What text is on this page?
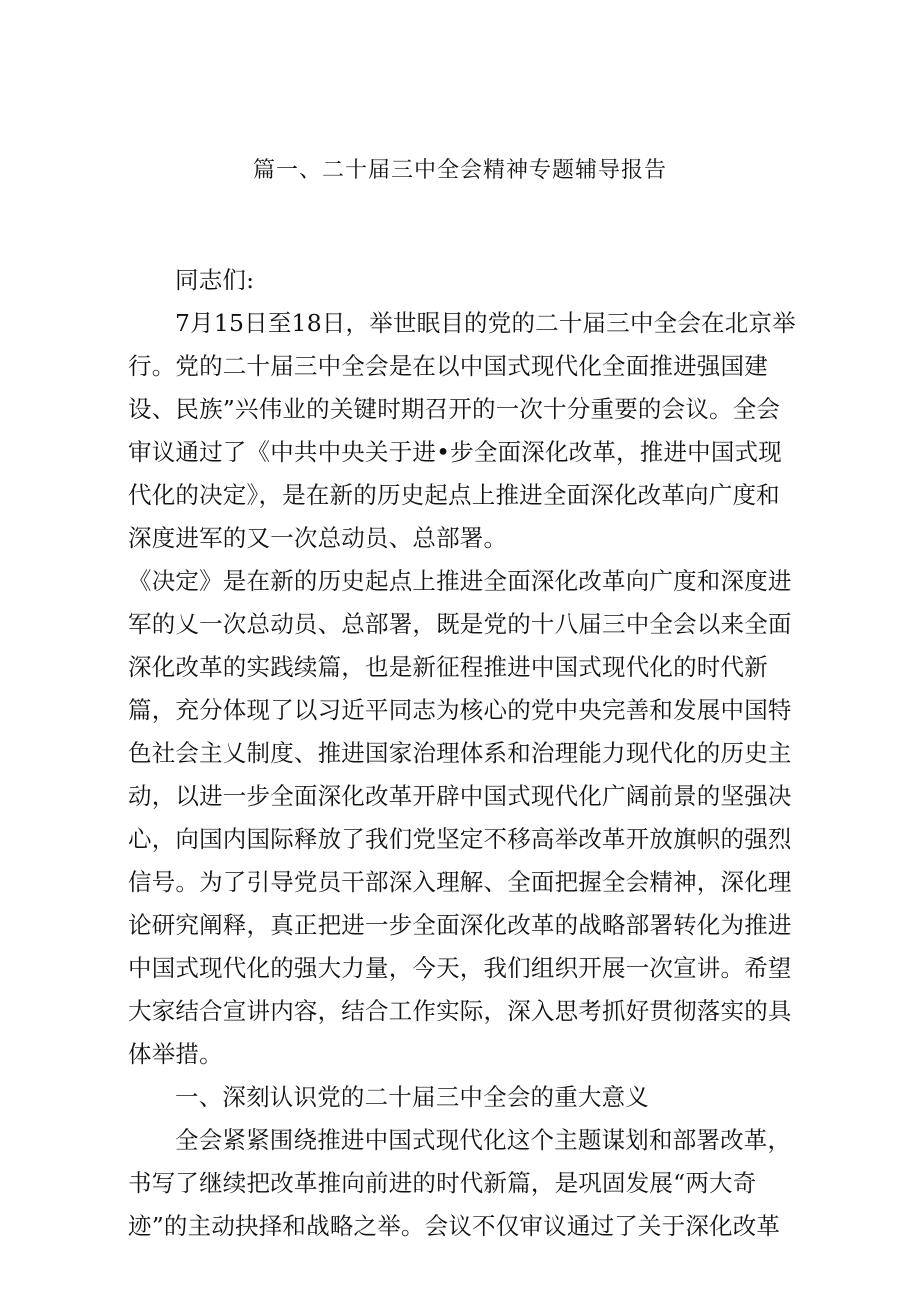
篇一、二十届三中全会精神专题辅导报告

同志们:

7月15日至18日，举世眠目的党的二十届三中全会在北京举行。党的二十届三中全会是在以中国式现代化全面推进强国建设、民族”兴伟业的关键时期召开的一次十分重要的会议。全会审议通过了《中共中央关于进•步全面深化改革，推进中国式现代化的决定》，是在新的历史起点上推进全面深化改革向广度和深度进军的又一次总动员、总部署。

《决定》是在新的历史起点上推进全面深化改革向广度和深度进军的乂一次总动员、总部署，既是党的十八届三中全会以来全面深化改革的实践续篇，也是新征程推进中国式现代化的时代新篇，充分体现了以习近平同志为核心的党中央完善和发展中国特色社会主乂制度、推进国家治理体系和治理能力现代化的历史主动，以进一步全面深化改革开辟中国式现代化广阔前景的坚强决心，向国内国际释放了我们党坚定不移高举改革开放旗帜的强烈信号。为了引导党员干部深入理解、全面把握全会精神，深化理论研究阐释，真正把进一步全面深化改革的战略部署转化为推进中国式现代化的强大力量，今天，我们组织开展一次宣讲。希望大家结合宣讲内容，结合工作实际，深入思考抓好贯彻落实的具体举措。

一、深刻认识党的二十届三中全会的重大意义

全会紧紧围绕推进中国式现代化这个主题谋划和部署改革，书写了继续把改革推向前进的时代新篇，是巩固发展“两大奇迹”的主动抉择和战略之举。会议不仅审议通过了关于深化改革
